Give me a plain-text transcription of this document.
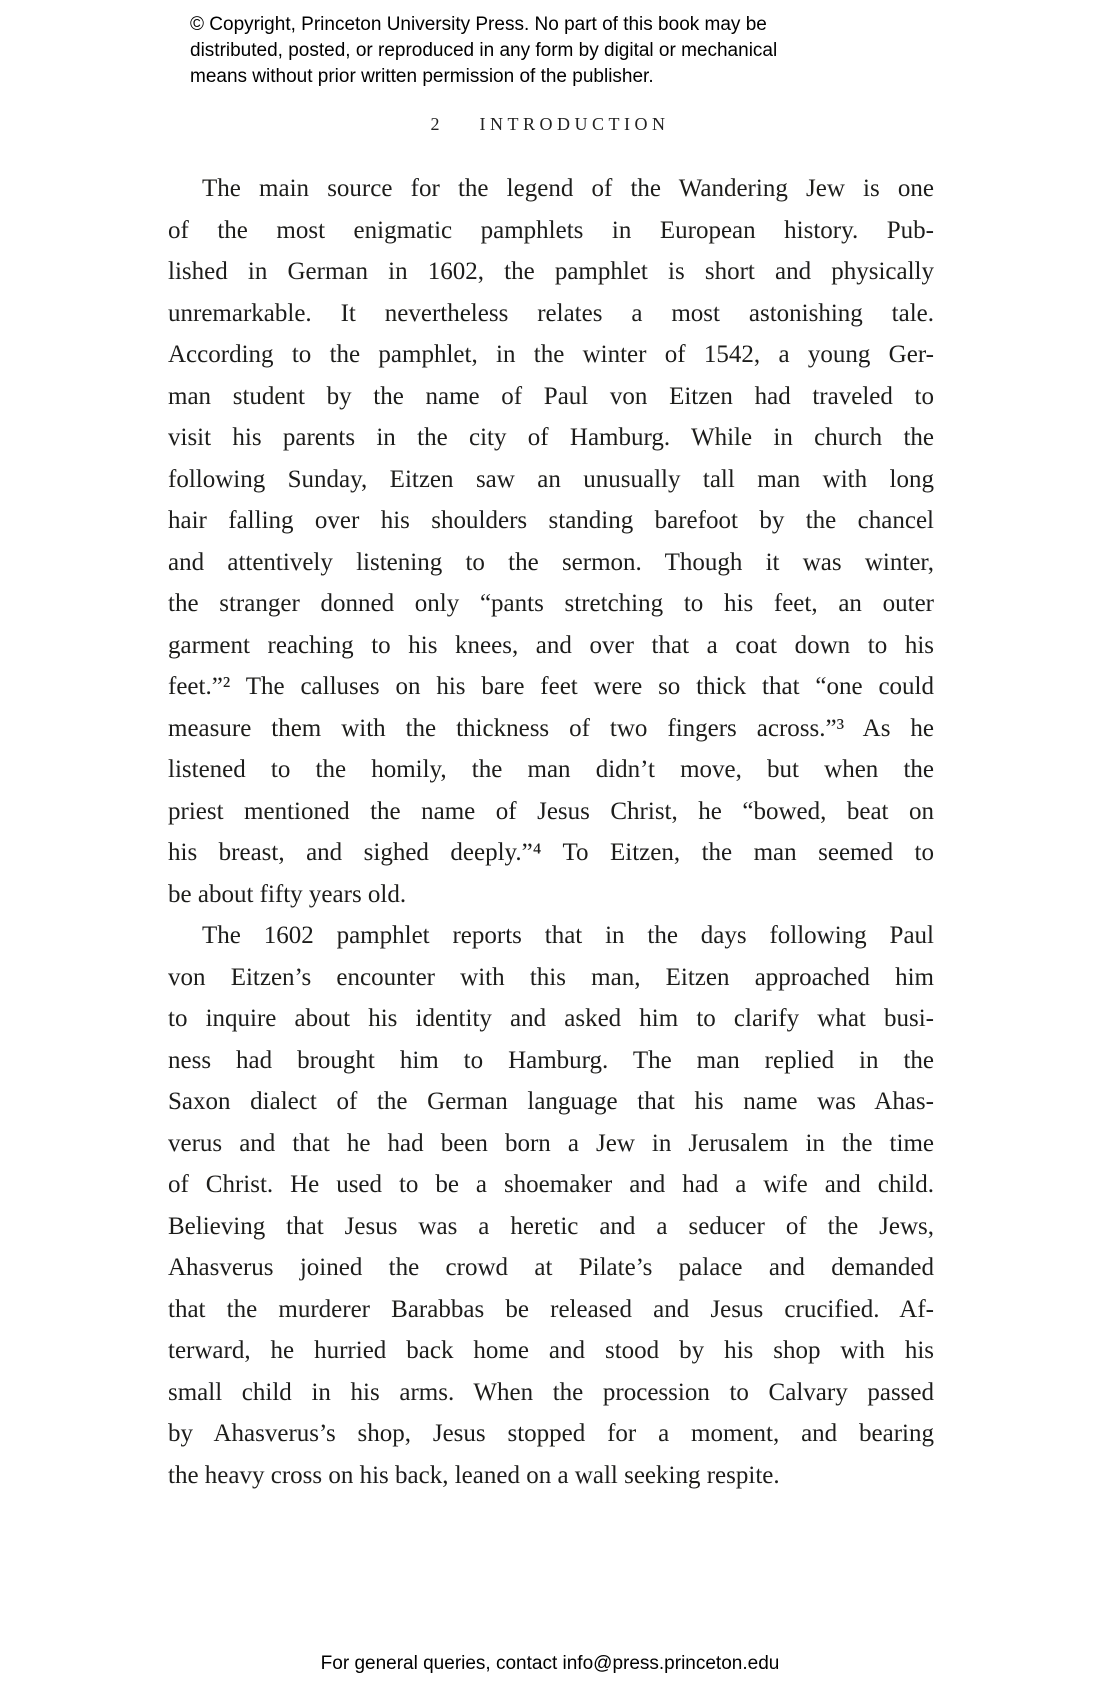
© Copyright, Princeton University Press. No part of this book may be
distributed, posted, or reproduced in any form by digital or mechanical
means without prior written permission of the publisher.
2 INTRODUCTION
The main source for the legend of the Wandering Jew is one
of the most enigmatic pamphlets in European history. Pub-
lished in German in 1602, the pamphlet is short and physically
unremarkable. It nevertheless relates a most astonishing tale.
According to the pamphlet, in the winter of 1542, a young Ger-
man student by the name of Paul von Eitzen had traveled to
visit his parents in the city of Hamburg. While in church the
following Sunday, Eitzen saw an unusually tall man with long
hair falling over his shoulders standing barefoot by the chancel
and attentively listening to the sermon. Though it was winter,
the stranger donned only “pants stretching to his feet, an outer
garment reaching to his knees, and over that a coat down to his
feet.”² The calluses on his bare feet were so thick that “one could
measure them with the thickness of two fingers across.”³ As he
listened to the homily, the man didn’t move, but when the
priest mentioned the name of Jesus Christ, he “bowed, beat on
his breast, and sighed deeply.”⁴ To Eitzen, the man seemed to
be about fifty years old.
The 1602 pamphlet reports that in the days following Paul
von Eitzen’s encounter with this man, Eitzen approached him
to inquire about his identity and asked him to clarify what busi-
ness had brought him to Hamburg. The man replied in the
Saxon dialect of the German language that his name was Ahas-
verus and that he had been born a Jew in Jerusalem in the time
of Christ. He used to be a shoemaker and had a wife and child.
Believing that Jesus was a heretic and a seducer of the Jews,
Ahasverus joined the crowd at Pilate’s palace and demanded
that the murderer Barabbas be released and Jesus crucified. Af-
terward, he hurried back home and stood by his shop with his
small child in his arms. When the procession to Calvary passed
by Ahasverus’s shop, Jesus stopped for a moment, and bearing
the heavy cross on his back, leaned on a wall seeking respite.
For general queries, contact info@press.princeton.edu
